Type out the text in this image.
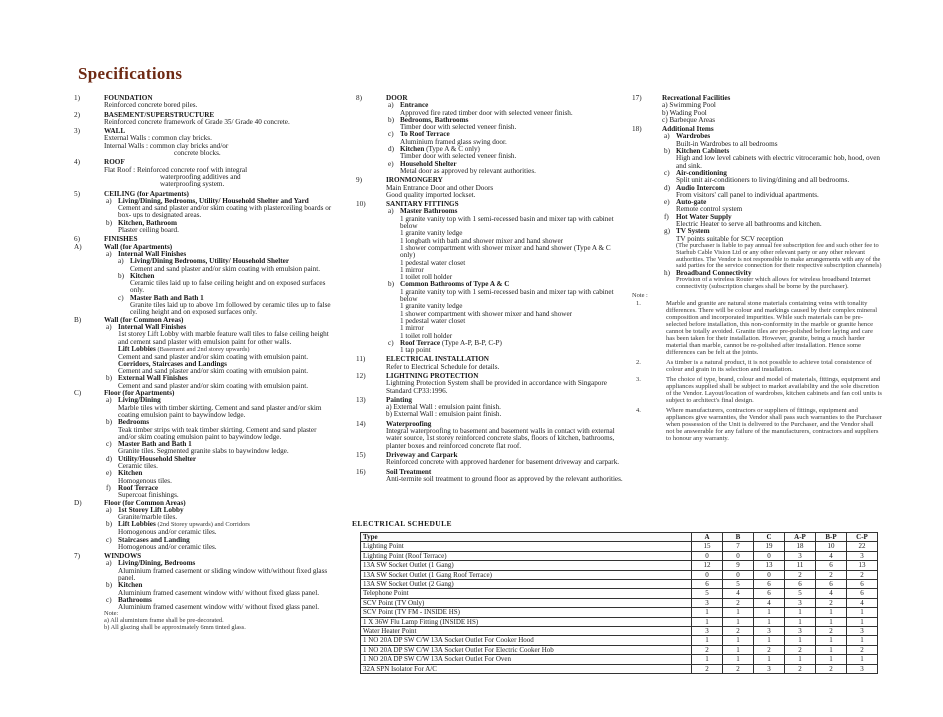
Specifications
1)	FOUNDATION
Reinforced concrete bored piles.
2)	BASEMENT/SUPERSTRUCTURE
Reinforced concrete framework of Grade 35/ Grade 40 concrete.
3)	WALL
External Walls : common clay bricks.
Internal Walls : common clay bricks and/or
concrete blocks.
4)	ROOF
Flat Roof : Reinforced concrete roof with integral
waterproofing additives and
waterproofing system.
5)	CEILING (for Apartments)
a) Living/Dining, Bedrooms, Utility/ Household Shelter and Yard
Cement and sand plaster and/or skim coating with plasterceiling boards or box- ups to designated areas.
b) Kitchen, Bathroom
Plaster ceiling board.
6)	FINISHES
A)	Wall (for Apartments)
a) Internal Wall Finishes
a) Living/Dining Bedrooms, Utility/ Household Shelter
Cement and sand plaster and/or skim coating with emulsion paint.
b) Kitchen
Ceramic tiles laid up to false ceiling height and on exposed surfaces only.
c) Master Bath and Bath 1
Granite tiles laid up to above 1m followed by ceramic tiles up to false ceiling height and on exposed surfaces only.
B)	Wall (for Common Areas)
a) Internal Wall Finishes
1st storey Lift Lobby with marble feature wall tiles to false ceiling height and cement sand plaster with emulsion paint for other walls.
Lift Lobbies (Basement and 2nd storey upwards)
Cement and sand plaster and/or skim coating with emulsion paint.
Corridors, Staircases and Landings
Cement and sand plaster and/or skim coating with emulsion paint.
b) External Wall Finishes
Cement and sand plaster and/or skim coating with emulsion paint.
C)	Floor (for Apartments)
a) Living/Dining
Marble tiles with timber skirting. Cement and sand plaster and/or skim coating emulsion paint to baywindow ledge.
b) Bedrooms
Teak timber strips with teak timber skirting. Cement and sand plaster and/or skim coating emulsion paint to baywindow ledge.
c) Master Bath and Bath 1
Granite tiles. Segmented granite slabs to baywindow ledge.
d) Utility/Household Shelter
Ceramic tiles.
e) Kitchen
Homogenous tiles.
f) Roof Terrace
Supercoat finishings.
D)	Floor (for Common Areas)
a) 1st Storey Lift Lobby
Granite/marble tiles.
b) Lift Lobbies (2nd Storey upwards) and Corridors
Homogenous and/or ceramic tiles.
c) Staircases and Landing
Homogenous and/or ceramic tiles.
7)	WINDOWS
a) Living/Dining, Bedrooms
Aluminium framed casement or sliding window with/without fixed glass panel.
b) Kitchen
Aluminium framed casement window with/ without fixed glass panel.
c) Bathrooms
Aluminium framed casement window with/ without fixed glass panel.
Note:
a) All aluminium frame shall be pre-decorated.
b) All glazing shall be approximately 6mm tinted glass.
8)	DOOR
a) Entrance
Approved fire rated timber door with selected veneer finish.
b) Bedrooms, Bathrooms
Timber door with selected veneer finish.
c) To Roof Terrace
Aluminium framed glass swing door.
d) Kitchen (Type A & C only)
Timber door with selected veneer finish.
e) Household Shelter
Metal door as approved by relevant authorities.
9)	IRONMONGERY
Main Entrance Door and other Doors
Good quality imported lockset.
10)	SANITARY FITTINGS
a) Master Bathrooms
1 granite vanity top with 1 semi-recessed basin and mixer tap with cabinet below
1 granite vanity ledge
1 longbath with bath and shower mixer and hand shower
1 shower compartment with shower mixer and hand shower (Type A & C only)
1 pedestal water closet
1 mirror
1 toilet roll holder
b) Common Bathrooms of Type A & C
1 granite vanity top with 1 semi-recessed basin and mixer tap with cabinet below
1 granite vanity ledge
1 shower compartment with shower mixer and hand shower
1 pedestal water closet
1 mirror
1 toilet roll holder
c) Roof Terrace (Type A-P, B-P, C-P)
1 tap point
11)	ELECTRICAL INSTALLATION
Refer to Electrical Schedule for details.
12)	LIGHTNING PROTECTION
Lightning Protection System shall be provided in accordance with Singapore Standard CP33:1996.
13)	Painting
a) External Wall : emulsion paint finish.
b) External Wall : emulsion paint finish.
14)	Waterproofing
Integral waterproofing to basement and basement walls in contact with external water source, 1st storey reinforced concrete slabs, floors of kitchen, bathrooms, planter boxes and reinforced concrete flat roof.
15)	Driveway and Carpark
Reinforced concrete with approved hardener for basement driveway and carpark.
16)	Soil Treatment
Anti-termite soil treatment to ground floor as approved by the relevant authorities.
17)	Recreational Facilities
a) Swimming Pool
b) Wading Pool
c) Barbeque Areas
18)	Additional Items
a) Wardrobes
Built-in Wardrobes to all bedrooms
b) Kitchen Cabinets
High and low level cabinets with electric vitroceramic hob, hood, oven and sink.
c) Air-conditioning
Split unit air-conditioners to living/dining and all bedrooms.
d) Audio Intercom
From visitors' call panel to individual apartments.
e) Auto-gate
Remote control system
f) Hot Water Supply
Electric Heater to serve all bathrooms and kitchen.
g) TV System
TV points suitable for SCV reception
(The purchaser is liable to pay annual fee subscription fee and such other fee to Starhub Cable Vision Ltd or any other relevant party or any other relevant authorities. The Vendor is not responsible to make arrangements with any of the said parties for the service connection for their respective subscription channels)
h) Broadband Connectivity
Provision of a wireless Router which allows for wireless broadband Internet connectivity (subscription charges shall be borne by the purchaser).
Note :
1.	Marble and granite are natural stone materials containing veins with tonality differences. There will be colour and markings caused by their complex mineral composition and incorporated impurities. While such materials can be pre-selected before installation, this non-conformity in the marble or granite hence cannot be totally avoided. Granite tiles are pre-polished before laying and care has been taken for their installation. However, granite, being a much harder material than marble, cannot be re-polished after installation. Hence some differences can be felt at the joints.
2.	As timber is a natural product, it is not possible to achieve total consistence of colour and grain in its selection and installation.
3.	The choice of type, brand, colour and model of materials, fittings, equipment and appliances supplied shall be subject to market availability and the sole discretion of the Vendor. Layout/location of wardrobes, kitchen cabinets and fan coil units is subject to architect's final design.
4.	Where manufacturers, contractors or suppliers of fittings, equipment and appliances give warranties, the Vendor shall pass such warranties to the Purchaser when possession of the Unit is delivered to the Purchaser, and the Vendor shall not be answerable for any failure of the manufacturers, contractors and suppliers to honour any warranty.
ELECTRICAL SCHEDULE
Type	A	B	C	A-P	B-P	C-P
Lighting Point	15	7	19	18	10	22
Lighting Point (Roof Terrace)	0	0	0	3	4	3
13A SW Socket Outlet (1 Gang)	12	9	13	11	6	13
13A SW Socket Outlet (1 Gang Roof Terrace)	0	0	0	2	2	2
13A SW Socket Outlet (2 Gang)	6	5	6	6	6	6
Telephone Point	5	4	6	5	4	6
SCV Point (TV Only)	3	2	4	3	2	4
SCV Point (TV FM - INSIDE HS)	1	1	1	1	1	1
1 X 36W Flu Lamp Fitting (INSIDE HS)	1	1	1	1	1	1
Water Heater Point	3	2	3	3	2	3
1 NO 20A DP SW C/W 13A Socket Outlet For Cooker Hood	1	1	1	1	1	1
1 NO 20A DP SW C/W 13A Socket Outlet For Electric Cooker Hob	2	1	2	2	1	2
1 NO 20A DP SW C/W 13A Socket Outlet For Oven	1	1	1	1	1	1
32A SPN Isolator For A/C	2	2	3	2	2	3
